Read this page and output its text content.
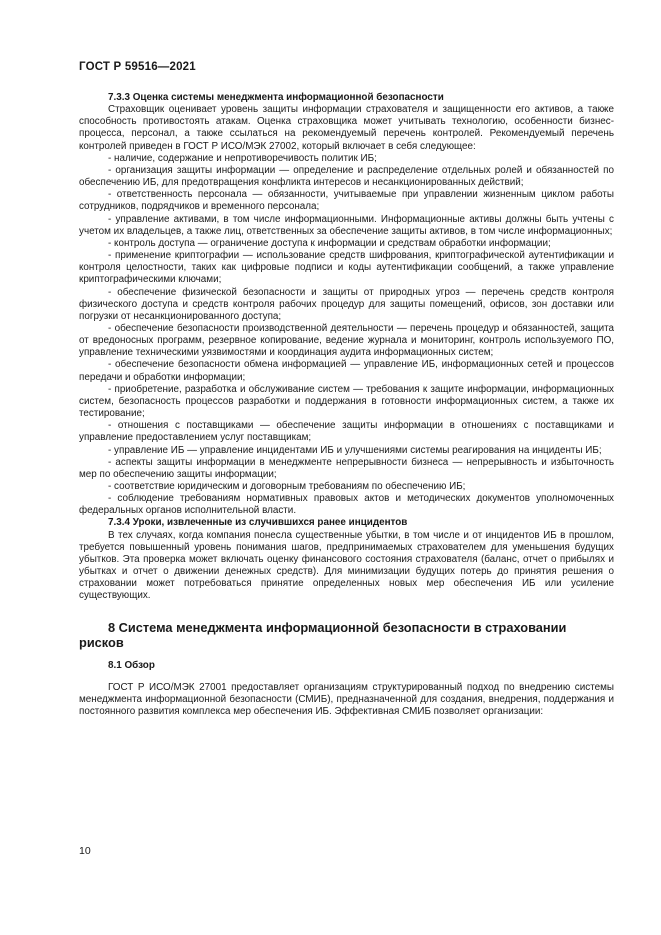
ГОСТ Р 59516—2021

7.3.3 Оценка системы менеджмента информационной безопасности

Страховщик оценивает уровень защиты информации страхователя и защищенности его активов, а также способность противостоять атакам. Оценка страховщика может учитывать технологию, особенности бизнес-процесса, персонал, а также ссылаться на рекомендуемый перечень контролей. Рекомендуемый перечень контролей приведен в ГОСТ Р ИСО/МЭК 27002, который включает в себя следующее:

- наличие, содержание и непротиворечивость политик ИБ;

- организация защиты информации — определение и распределение отдельных ролей и обязанностей по обеспечению ИБ, для предотвращения конфликта интересов и несанкционированных действий;

- ответственность персонала — обязанности, учитываемые при управлении жизненным циклом работы сотрудников, подрядчиков и временного персонала;

- управление активами, в том числе информационными. Информационные активы должны быть учтены с учетом их владельцев, а также лиц, ответственных за обеспечение защиты активов, в том числе информационных;

- контроль доступа — ограничение доступа к информации и средствам обработки информации;

- применение криптографии — использование средств шифрования, криптографической аутентификации и контроля целостности, таких как цифровые подписи и коды аутентификации сообщений, а также управление криптографическими ключами;

- обеспечение физической безопасности и защиты от природных угроз — перечень средств контроля физического доступа и средств контроля рабочих процедур для защиты помещений, офисов, зон доставки или погрузки от несанкционированного доступа;

- обеспечение безопасности производственной деятельности — перечень процедур и обязанностей, защита от вредоносных программ, резервное копирование, ведение журнала и мониторинг, контроль используемого ПО, управление техническими уязвимостями и координация аудита информационных систем;

- обеспечение безопасности обмена информацией — управление ИБ, информационных сетей и процессов передачи и обработки информации;

- приобретение, разработка и обслуживание систем — требования к защите информации, информационных систем, безопасность процессов разработки и поддержания в готовности информационных систем, а также их тестирование;

- отношения с поставщиками — обеспечение защиты информации в отношениях с поставщиками и управление предоставлением услуг поставщикам;

- управление ИБ — управление инцидентами ИБ и улучшениями системы реагирования на инциденты ИБ;

- аспекты защиты информации в менеджменте непрерывности бизнеса — непрерывность и избыточность мер по обеспечению защиты информации;

- соответствие юридическим и договорным требованиям по обеспечению ИБ;

- соблюдение требованиям нормативных правовых актов и методических документов уполномоченных федеральных органов исполнительной власти.

7.3.4 Уроки, извлеченные из случившихся ранее инцидентов

В тех случаях, когда компания понесла существенные убытки, в том числе и от инцидентов ИБ в прошлом, требуется повышенный уровень понимания шагов, предпринимаемых страхователем для уменьшения будущих убытков. Эта проверка может включать оценку финансового состояния страхователя (баланс, отчет о прибылях и убытках и отчет о движении денежных средств). Для минимизации будущих потерь до принятия решения о страховании может потребоваться принятие определенных новых мер обеспечения ИБ или усиление существующих.

8 Система менеджмента информационной безопасности в страховании рисков

8.1 Обзор

ГОСТ Р ИСО/МЭК 27001 предоставляет организациям структурированный подход по внедрению системы менеджмента информационной безопасности (СМИБ), предназначенной для создания, внедрения, поддержания и постоянного развития комплекса мер обеспечения ИБ. Эффективная СМИБ позволяет организации:

10
